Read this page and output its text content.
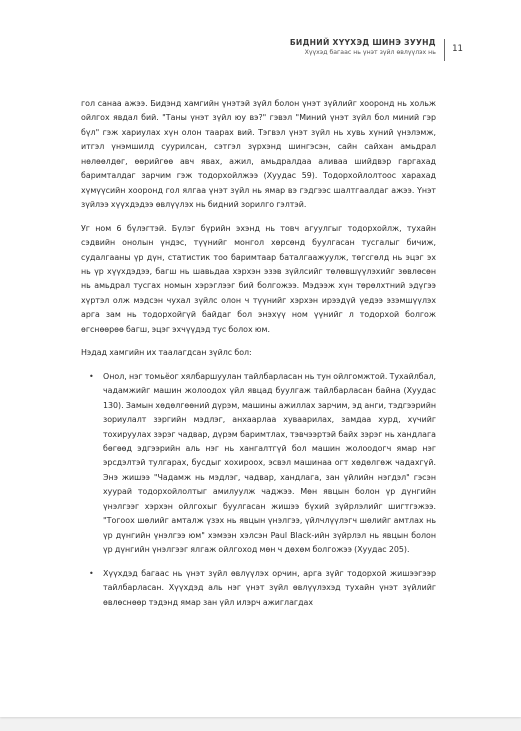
БИДНИЙ ХҮҮХЭД ШИНЭ ЗУУНД
Хүүхэд багаас нь үнэт зүйл өвлүүлэх нь 11

гол санаа ажээ. Бидэнд хамгийн үнэтэй зүйл болон үнэт зүйлийг хооронд нь хольж ойлгох явдал бий. "Таны үнэт зүйл юу вэ?" гэвэл "Миний үнэт зүйл бол миний гэр бүл" гэж хариулах хүн олон таарах вий. Тэгвэл үнэт зүйл нь хувь хүний үнэлэмж, итгэл үнэмшилд суурилсан, сэтгэл зүрхэнд шингэсэн, сайн сайхан амьдрал нөлөөлдөг, өөрийгөө авч явах, ажил, амьдралдаа аливаа шийдвэр гаргахад баримталдаг зарчим гэж тодорхойлжээ (Хуудас 59). Тодорхойлолтоос харахад хүмүүсийн хооронд гол ялгаа үнэт зүйл нь ямар вэ гэдгээс шалтгаалдаг ажээ. Үнэт зүйлээ хүүхдэдээ өвлүүлэх нь бидний зорилго гэлтэй.

Уг ном 6 бүлэгтэй. Бүлэг бүрийн эхэнд нь товч агуулгыг тодорхойлж, тухайн сэдвийн онолын үндэс, түүнийг монгол хөрсөнд буулгасан тусгалыг бичиж, судалгааны үр дүн, статистик тоо баримтаар баталгаажуулж, төгсгөлд нь эцэг эх нь үр хүүхдэдээ, багш нь шавьдаа хэрхэн эзэв зүйлсийг төлөвшүүлэхийг зөвлөсөн нь амьдрал тусгах номын хэрэглээг бий болгожээ. Мэдээж хүн төрөлхтний эдүгээ хүртэл олж мэдсэн чухал зүйлс олон ч түүнийг хэрхэн ирээдүй үедээ эзэмшүүлэх арга зам нь тодорхойгүй байдаг бол энэхүү ном үүнийг л тодорхой болгож өгснөөрөө багш, эцэг эхчүүдэд тус болох юм.

Нэдад хамгийн их таалагдсан зүйлс бол:

• Онол, нэг томьёог хялбаршуулан тайлбарласан нь тун ойлгомжтой. Тухайлбал, чадамжийг машин жолоодох үйл явцад буулгаж тайлбарласан байна (Хуудас 130). Замын хөдөлгөөний дүрэм, машины ажиллах зарчим, эд анги, тэдгээрийн зориулалт зэргийн мэдлэг, анхаарлаа хуваарилах, замдаа хурд, хүчийг тохируулах зэрэг чадвар, дүрэм баримтлах, тэвчээртэй байх зэрэг нь хандлага бөгөөд эдгээрийн аль нэг нь хангалтгүй бол машин жолоодогч ямар нэг эрсдэлтэй тулгарах, бусдыг хохироох, эсвэл машинаа огт хөдөлгөж чадахгүй. Энэ жишээ "Чадамж нь мэдлэг, чадвар, хандлага, зан үйлийн нэгдэл" гэсэн хуурай тодорхойлолтыг амилуулж чаджээ. Мөн явцын болон үр дүнгийн үнэлгээг хэрхэн ойлгохыг буулгасан жишээ бүхий зүйрлэлийг шигтгэжээ. "Тогоох шөлийг амталж үзэх нь явцын үнэлгээ, үйлчлүүлэгч шөлийг амтлах нь үр дүнгийн үнэлгээ юм" хэмээн хэлсэн Paul Black-ийн зүйрлэл нь явцын болон үр дүнгийн үнэлгээг ялгаж ойлгоход мөн ч дөхөм болгожээ (Хуудас 205).
• Хүүхдэд багаас нь үнэт зүйл өвлүүлэх орчин, арга зүйг тодорхой жишээгээр тайлбарласан. Хүүхдэд аль нэг үнэт зүйл өвлүүлэхэд тухайн үнэт зүйлийг өвлөснөөр тэдэнд ямар зан үйл илэрч ажиглагдах
